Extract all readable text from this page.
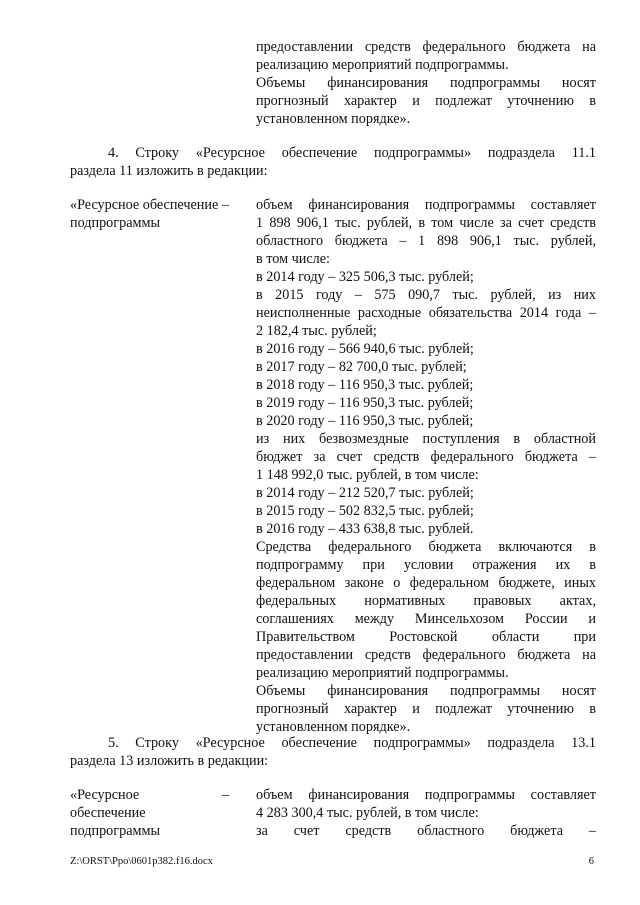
предоставлении средств федерального бюджета на
реализацию мероприятий подпрограммы.
Объемы финансирования подпрограммы носят
прогнозный характер и подлежат уточнению в
установленном порядке».
4. Строку «Ресурсное обеспечение подпрограммы» подраздела 11.1
раздела 11 изложить в редакции:
«Ресурсное обеспечение –
подпрограммы
объем финансирования подпрограммы составляет
1 898 906,1 тыс. рублей, в том числе за счет средств
областного бюджета – 1 898 906,1 тыс. рублей,
в том числе:
в 2014 году – 325 506,3 тыс. рублей;
в 2015 году – 575 090,7 тыс. рублей, из них
неисполненные расходные обязательства 2014 года –
2 182,4 тыс. рублей;
в 2016 году – 566 940,6 тыс. рублей;
в 2017 году – 82 700,0 тыс. рублей;
в 2018 году – 116 950,3 тыс. рублей;
в 2019 году – 116 950,3 тыс. рублей;
в 2020 году – 116 950,3 тыс. рублей;
из них безвозмездные поступления в областной
бюджет за счет средств федерального бюджета –
1 148 992,0 тыс. рублей, в том числе:
в 2014 году – 212 520,7 тыс. рублей;
в 2015 году – 502 832,5 тыс. рублей;
в 2016 году – 433 638,8 тыс. рублей.
Средства федерального бюджета включаются в
подпрограмму при условии отражения их в
федеральном законе о федеральном бюджете, иных
федеральных нормативных правовых актах,
соглашениях между Минсельхозом России и
Правительством Ростовской области при
предоставлении средств федерального бюджета на
реализацию мероприятий подпрограммы.
Объемы финансирования подпрограммы носят
прогнозный характер и подлежат уточнению в
установленном порядке».
5. Строку «Ресурсное обеспечение подпрограммы» подраздела 13.1
раздела 13 изложить в редакции:
«Ресурсное
обеспечение
подпрограммы
– объем финансирования подпрограммы составляет
4 283 300,4 тыс. рублей, в том числе:
за счет средств областного бюджета –
Z:\ORST\Ppo\0601p382.f16.docx	6
